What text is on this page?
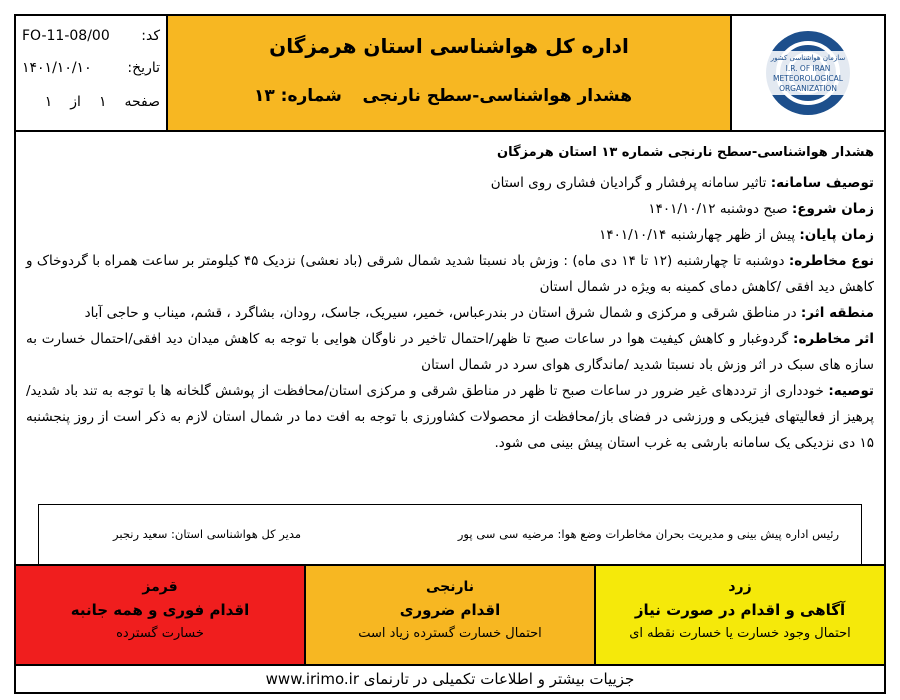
سازمان هواشناسی کشور
I.R. OF IRAN
METEOROLOGICAL
ORGANIZATION
اداره کل هواشناسی استان هرمزگان
هشدار هواشناسی-سطح نارنجی
شماره: ۱۳
کد:
FO-11-08/00
تاریخ:
۱۴۰۱/۱۰/۱۰
صفحه
۱
از
۱
هشدار هواشناسی-سطح نارنجی شماره ۱۳ استان هرمزگان

توصیف سامانه: تاثیر سامانه پرفشار و گرادیان فشاری روی استان

زمان شروع: صبح دوشنبه ۱۴۰۱/۱۰/۱۲

زمان پایان: پیش از ظهر چهارشنبه ۱۴۰۱/۱۰/۱۴

نوع مخاطره: دوشنبه تا چهارشنبه (۱۲ تا ۱۴ دی ماه) : وزش باد نسبتا شدید شمال شرقی (باد نعشی) نزدیک ۴۵ کیلومتر بر ساعت همراه با گردوخاک و کاهش دید افقی /کاهش دمای کمینه به ویژه در شمال استان

منطقه اثر: در مناطق شرقی و مرکزی و شمال شرق استان در بندرعباس، خمیر، سیریک، جاسک، رودان، بشاگرد ، قشم، میناب و حاجی آباد

اثر مخاطره: گردوغبار و کاهش کیفیت هوا در ساعات صبح تا ظهر/احتمال تاخیر در ناوگان هوایی با توجه به کاهش میدان دید افقی/احتمال خسارت به سازه های سبک در اثر وزش باد نسبتا شدید /ماندگاری هوای سرد در شمال استان

توصیه: خودداری از ترددهای غیر ضرور در ساعات صبح تا ظهر در مناطق شرقی و مرکزی استان/محافظت از پوشش گلخانه ها با توجه به تند باد شدید/پرهیز از فعالیتهای فیزیکی و ورزشی در فضای باز/محافظت از محصولات کشاورزی با توجه به افت دما در شمال استان لازم به ذکر است از روز پنجشنبه ۱۵ دی نزدیکی یک سامانه بارشی به غرب استان پیش بینی می شود.

رئیس اداره پیش بینی و مدیریت بحران مخاطرات وضع هوا: مرضیه سی سی پور
مدیر کل هواشناسی استان: سعید رنجبر
زرد
آگاهی و اقدام در صورت نیاز
احتمال وجود خسارت یا خسارت نقطه ای
نارنجی
اقدام ضروری
احتمال خسارت گسترده زیاد است
قرمز
اقدام فوری و همه جانبه
خسارت گسترده
جزییات بیشتر و اطلاعات تکمیلی در تارنمای www.irimo.ir
